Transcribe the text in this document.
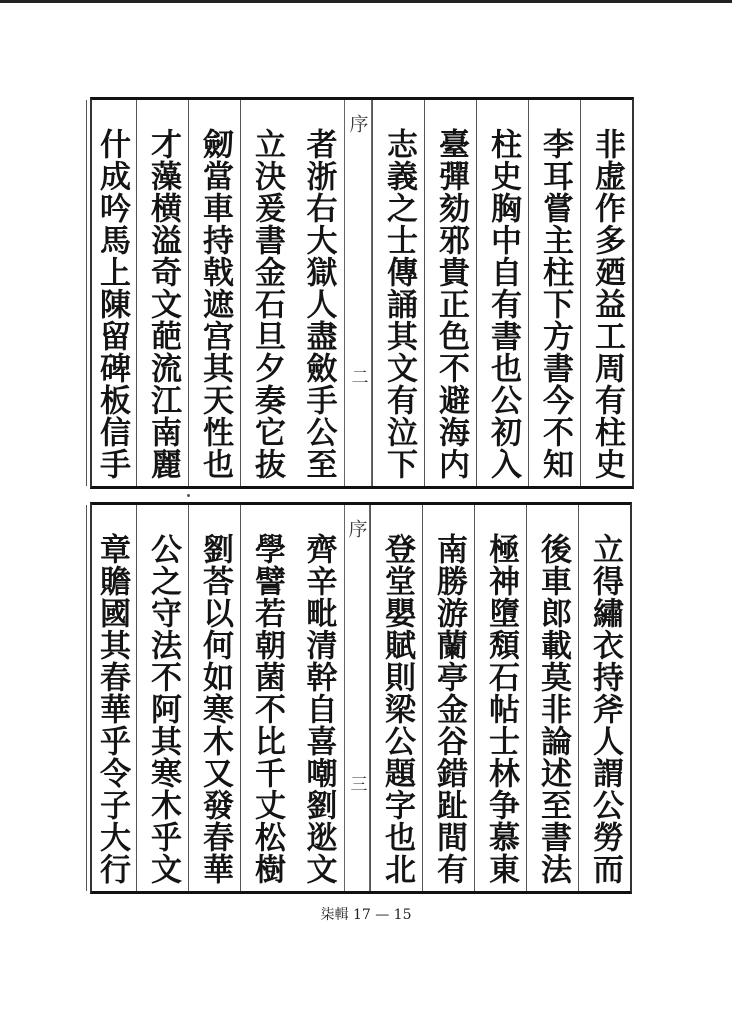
非虚作多廼益工周有柱史
李耳嘗主柱下方書今不知
柱史胸中自有書也公初入
臺彈劾邪貴正色不避海内
志義之士傳誦其文有泣下
序
二
者浙右大獄人盡斂手公至
立決爰書金石旦夕奏它抜
劒當車持戟遮宫其天性也
才藻横溢奇文葩流江南麗
什成吟馬上陳留碑板信手
立得繡衣持斧人謂公勞而
後車郎載莫非論述至書法
極神墮頽石帖士林争慕東
南勝游蘭亭金谷錯趾間有
登堂嬰賦則梁公題字也北
序
三
齊辛毗清幹自喜嘲劉逖文
學譬若朝菌不比千丈松樹
劉荅以何如寒木又發春華
公之守法不阿其寒木乎文
章贍國其春華乎令子大行
柒輯 17 — 15
